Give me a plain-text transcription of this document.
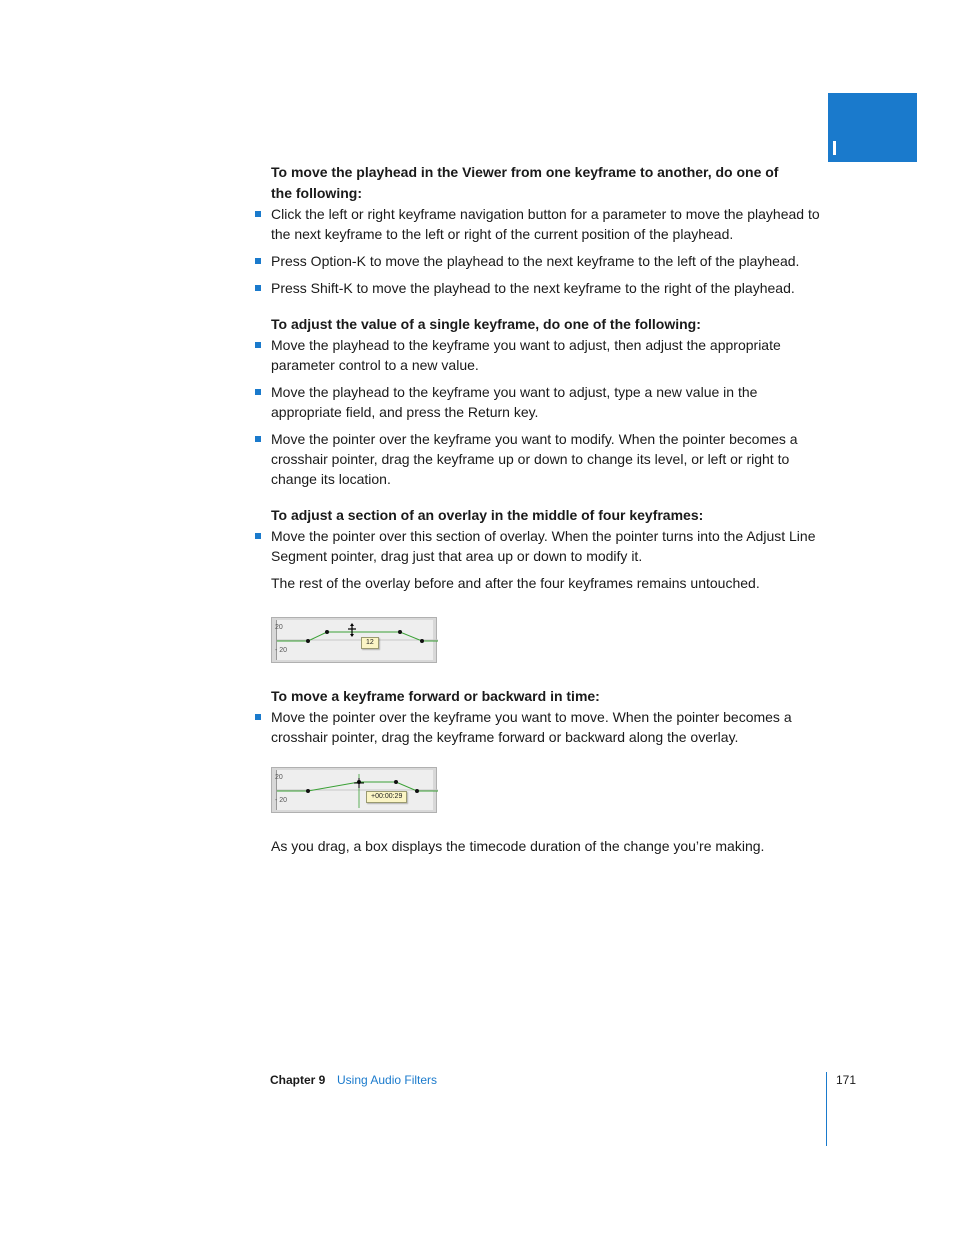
To move the playhead in the Viewer from one keyframe to another, do one of the following:

Click the left or right keyframe navigation button for a parameter to move the playhead to the next keyframe to the left or right of the current position of the playhead.
Press Option-K to move the playhead to the next keyframe to the left of the playhead.
Press Shift-K to move the playhead to the next keyframe to the right of the playhead.

To adjust the value of a single keyframe, do one of the following:

Move the playhead to the keyframe you want to adjust, then adjust the appropriate parameter control to a new value.
Move the playhead to the keyframe you want to adjust, type a new value in the appropriate field, and press the Return key.
Move the pointer over the keyframe you want to modify. When the pointer becomes a crosshair pointer, drag the keyframe up or down to change its level, or left or right to change its location.

To adjust a section of an overlay in the middle of four keyframes:

Move the pointer over this section of overlay. When the pointer turns into the Adjust Line Segment pointer, drag just that area up or down to modify it.

The rest of the overlay before and after the four keyframes remains untouched.

20
- 20
12

To move a keyframe forward or backward in time:

Move the pointer over the keyframe you want to move. When the pointer becomes a crosshair pointer, drag the keyframe forward or backward along the overlay.
20
- 20
+00:00:29

As you drag, a box displays the timecode duration of the change you’re making.

Chapter 9 Using Audio Filters	171
